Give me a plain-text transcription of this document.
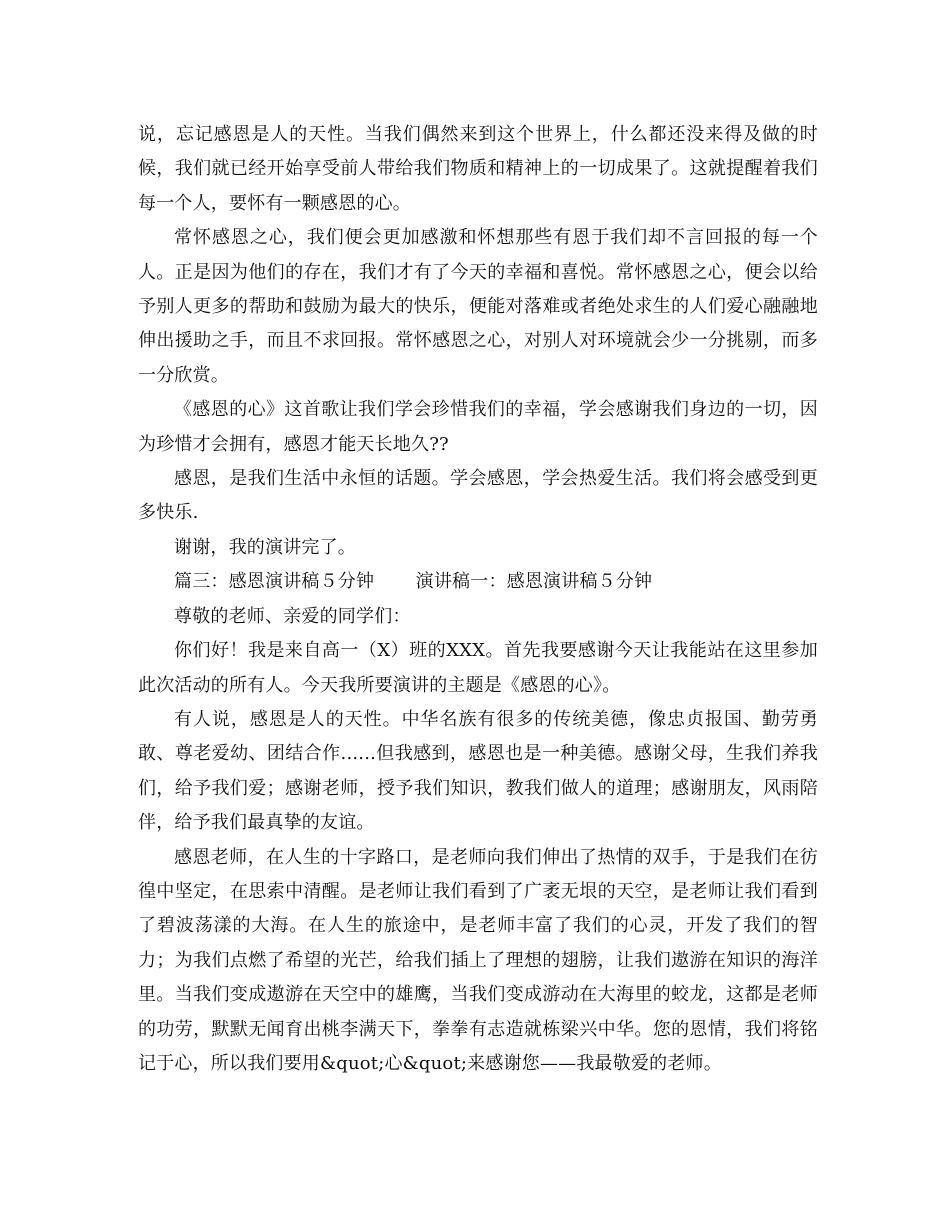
说，忘记感恩是人的天性。当我们偶然来到这个世界上，什么都还没来得及做的时候，我们就已经开始享受前人带给我们物质和精神上的一切成果了。这就提醒着我们每一个人，要怀有一颗感恩的心。

常怀感恩之心，我们便会更加感激和怀想那些有恩于我们却不言回报的每一个人。正是因为他们的存在，我们才有了今天的幸福和喜悦。常怀感恩之心，便会以给予别人更多的帮助和鼓励为最大的快乐，便能对落难或者绝处求生的人们爱心融融地伸出援助之手，而且不求回报。常怀感恩之心，对别人对环境就会少一分挑剔，而多一分欣赏。

《感恩的心》这首歌让我们学会珍惜我们的幸福，学会感谢我们身边的一切，因为珍惜才会拥有，感恩才能天长地久??

感恩，是我们生活中永恒的话题。学会感恩，学会热爱生活。我们将会感受到更多快乐.

谢谢，我的演讲完了。

篇三：感恩演讲稿５分钟       演讲稿一：感恩演讲稿５分钟

尊敬的老师、亲爱的同学们：

你们好！我是来自高一（X）班的XXX。首先我要感谢今天让我能站在这里参加此次活动的所有人。今天我所要演讲的主题是《感恩的心》。

有人说，感恩是人的天性。中华名族有很多的传统美德，像忠贞报国、勤劳勇敢、尊老爱幼、团结合作......但我感到，感恩也是一种美德。感谢父母，生我们养我们，给予我们爱；感谢老师，授予我们知识，教我们做人的道理；感谢朋友，风雨陪伴，给予我们最真挚的友谊。

感恩老师，在人生的十字路口，是老师向我们伸出了热情的双手，于是我们在彷徨中坚定，在思索中清醒。是老师让我们看到了广袤无垠的天空，是老师让我们看到了碧波荡漾的大海。在人生的旅途中，是老师丰富了我们的心灵，开发了我们的智力；为我们点燃了希望的光芒，给我们插上了理想的翅膀，让我们遨游在知识的海洋里。当我们变成遨游在天空中的雄鹰，当我们变成游动在大海里的蛟龙，这都是老师的功劳，默默无闻育出桃李满天下，拳拳有志造就栋梁兴中华。您的恩情，我们将铭记于心，所以我们要用&quot;心&quot;来感谢您——我最敬爱的老师。
